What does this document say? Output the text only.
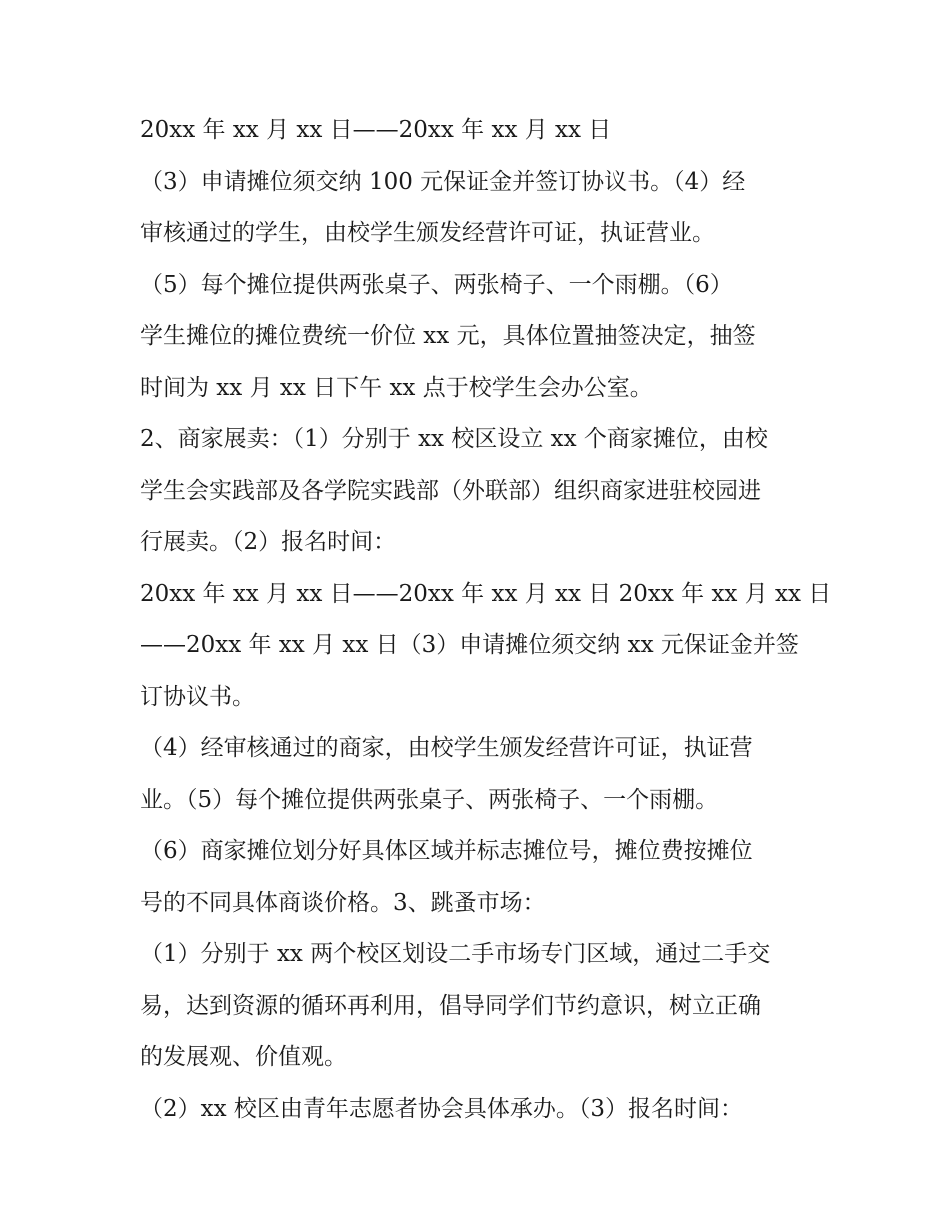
20xx 年 xx 月 xx 日——20xx 年 xx 月 xx 日
（3）申请摊位须交纳 100 元保证金并签订协议书。（4）经
审核通过的学生，由校学生颁发经营许可证，执证营业。
（5）每个摊位提供两张桌子、两张椅子、一个雨棚。（6）
学生摊位的摊位费统一价位 xx 元，具体位置抽签决定，抽签
时间为 xx 月 xx 日下午 xx 点于校学生会办公室。
2、商家展卖：（1）分别于 xx 校区设立 xx 个商家摊位，由校
学生会实践部及各学院实践部（外联部）组织商家进驻校园进
行展卖。（2）报名时间：
20xx 年 xx 月 xx 日——20xx 年 xx 月 xx 日 20xx 年 xx 月 xx 日
——20xx 年 xx 月 xx 日（3）申请摊位须交纳 xx 元保证金并签
订协议书。
（4）经审核通过的商家，由校学生颁发经营许可证，执证营
业。（5）每个摊位提供两张桌子、两张椅子、一个雨棚。
（6）商家摊位划分好具体区域并标志摊位号，摊位费按摊位
号的不同具体商谈价格。3、跳蚤市场：
（1）分别于 xx 两个校区划设二手市场专门区域，通过二手交
易，达到资源的循环再利用，倡导同学们节约意识，树立正确
的发展观、价值观。
（2）xx 校区由青年志愿者协会具体承办。（3）报名时间：
